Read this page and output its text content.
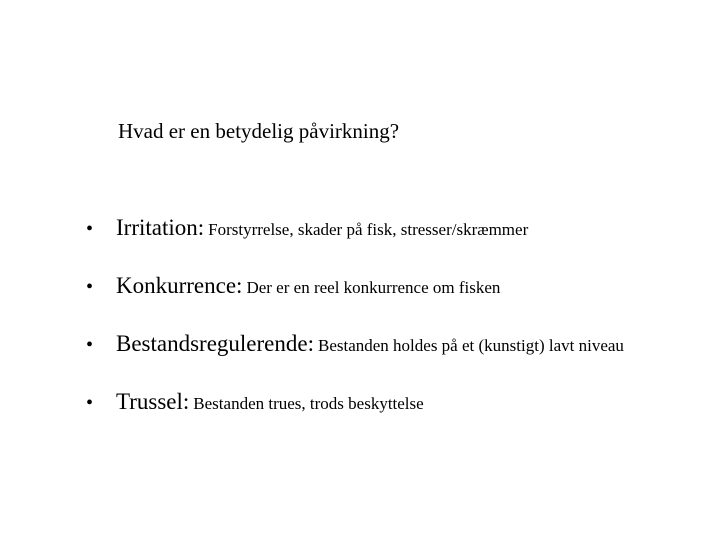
Hvad er en betydelig påvirkning?
• Irritation: Forstyrrelse, skader på fisk, stresser/skræmmer
• Konkurrence: Der er en reel konkurrence om fisken
• Bestandsregulerende: Bestanden holdes på et (kunstigt) lavt niveau
• Trussel: Bestanden trues, trods beskyttelse
